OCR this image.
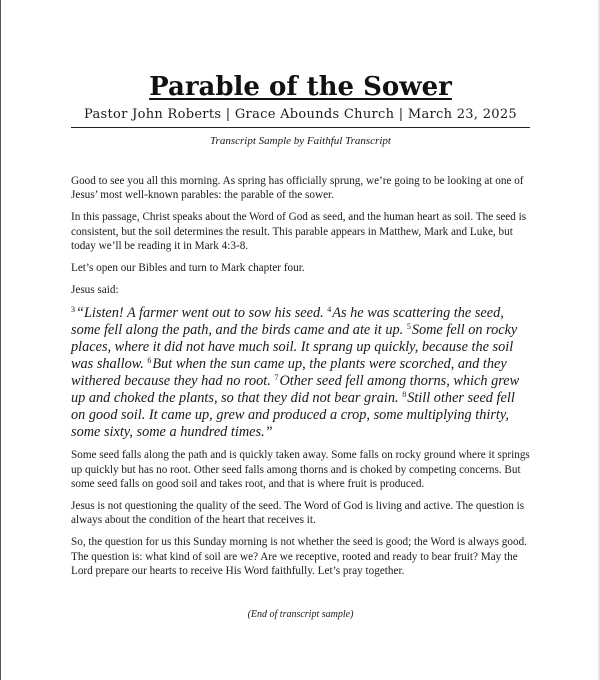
Parable of the Sower
Pastor John Roberts | Grace Abounds Church | March 23, 2025
Transcript Sample by Faithful Transcript

Good to see you all this morning. As spring has officially sprung, we’re going to be looking at one of Jesus’ most well-known parables: the parable of the sower.

In this passage, Christ speaks about the Word of God as seed, and the human heart as soil. The seed is consistent, but the soil determines the result. This parable appears in Matthew, Mark and Luke, but today we’ll be reading it in Mark 4:3-8.

Let’s open our Bibles and turn to Mark chapter four.

Jesus said:

$^3$“Listen! A farmer went out to sow his seed. $^4$As he was scattering the seed, some fell along the path, and the birds came and ate it up. $^5$Some fell on rocky places, where it did not have much soil. It sprang up quickly, because the soil was shallow. $^6$But when the sun came up, the plants were scorched, and they withered because they had no root. $^7$Other seed fell among thorns, which grew up and choked the plants, so that they did not bear grain. $^8$Still other seed fell on good soil. It came up, grew and produced a crop, some multiplying thirty, some sixty, some a hundred times.”

Some seed falls along the path and is quickly taken away. Some falls on rocky ground where it springs up quickly but has no root. Other seed falls among thorns and is choked by competing concerns. But some seed falls on good soil and takes root, and that is where fruit is produced.

Jesus is not questioning the quality of the seed. The Word of God is living and active. The question is always about the condition of the heart that receives it.

So, the question for us this Sunday morning is not whether the seed is good; the Word is always good. The question is: what kind of soil are we? Are we receptive, rooted and ready to bear fruit? May the Lord prepare our hearts to receive His Word faithfully. Let’s pray together.

(End of transcript sample)
